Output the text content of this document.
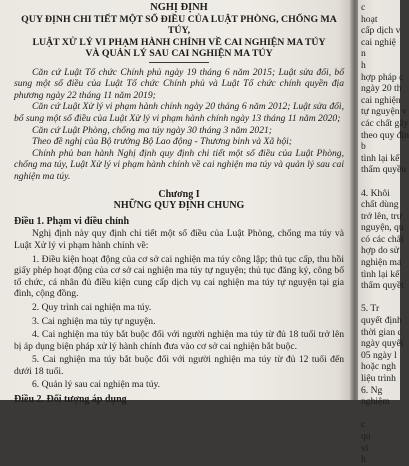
NGHỊ ĐỊNH

QUY ĐỊNH CHI TIẾT MỘT SỐ ĐIỀU CỦA LUẬT PHÒNG, CHỐNG MA TÚY,

LUẬT XỬ LÝ VI PHẠM HÀNH CHÍNH VỀ CAI NGHIỆN MA TÚY

VÀ QUẢN LÝ SAU CAI NGHIỆN MA TÚY

Căn cứ Luật Tổ chức Chính phủ ngày 19 tháng 6 năm 2015; Luật sửa đổi, bổ sung một số điều của Luật Tổ chức Chính phủ và Luật Tổ chức chính quyền địa phương ngày 22 tháng 11 năm 2019;

Căn cứ Luật Xử lý vi phạm hành chính ngày 20 tháng 6 năm 2012; Luật sửa đổi, bổ sung một số điều của Luật Xử lý vi phạm hành chính ngày 13 tháng 11 năm 2020;

Căn cứ Luật Phòng, chống ma túy ngày 30 tháng 3 năm 2021;

Theo đề nghị của Bộ trưởng Bộ Lao động - Thương binh và Xã hội;

Chính phủ ban hành Nghị định quy định chi tiết một số điều của Luật Phòng, chống ma túy, Luật Xử lý vi phạm hành chính về cai nghiện ma túy và quản lý sau cai nghiện ma túy.

Chương I

NHỮNG QUY ĐỊNH CHUNG

Điều 1. Phạm vi điều chỉnh

Nghị định này quy định chi tiết một số điều của Luật Phòng, chống ma túy và Luật Xử lý vi phạm hành chính về:

1. Điều kiện hoạt động của cơ sở cai nghiện ma túy công lập; thủ tục cấp, thu hồi giấy phép hoạt động của cơ sở cai nghiện ma túy tự nguyện; thủ tục đăng ký, công bố tổ chức, cá nhân đủ điều kiện cung cấp dịch vụ cai nghiện ma túy tự nguyện tại gia đình, cộng đồng.

2. Quy trình cai nghiện ma túy.

3. Cai nghiện ma túy tự nguyện.

4. Cai nghiện ma túy bắt buộc đối với người nghiện ma túy từ đủ 18 tuổi trở lên bị áp dụng biện pháp xử lý hành chính đưa vào cơ sở cai nghiện bắt buộc.

5. Cai nghiện ma túy bắt buộc đối với người nghiện ma túy từ đủ 12 tuổi đến dưới 18 tuổi.

6. Quản lý sau cai nghiện ma túy.

Điều 2. Đối tượng áp dụng

c
hoạt
cấp dịch v
cai nghiệ
n
h
hợp pháp c
ngày 20 th
cai nghiện
tự nguyện v
các chất gây
theo quy địn
b
tình lại kế
thẩm quyền
4. Khôi
chất dùng
trở lên, trư
nguyện, qu
có các chất
hợp do sử
nghiện ma
tình lại kế
thẩm quyềt
5. Tr
quyết định
thời gian c
ngày quyết
05 ngày l
hoặc ngh
liệu trình
6. Ng
nghiệm
c
qu
vi
h
